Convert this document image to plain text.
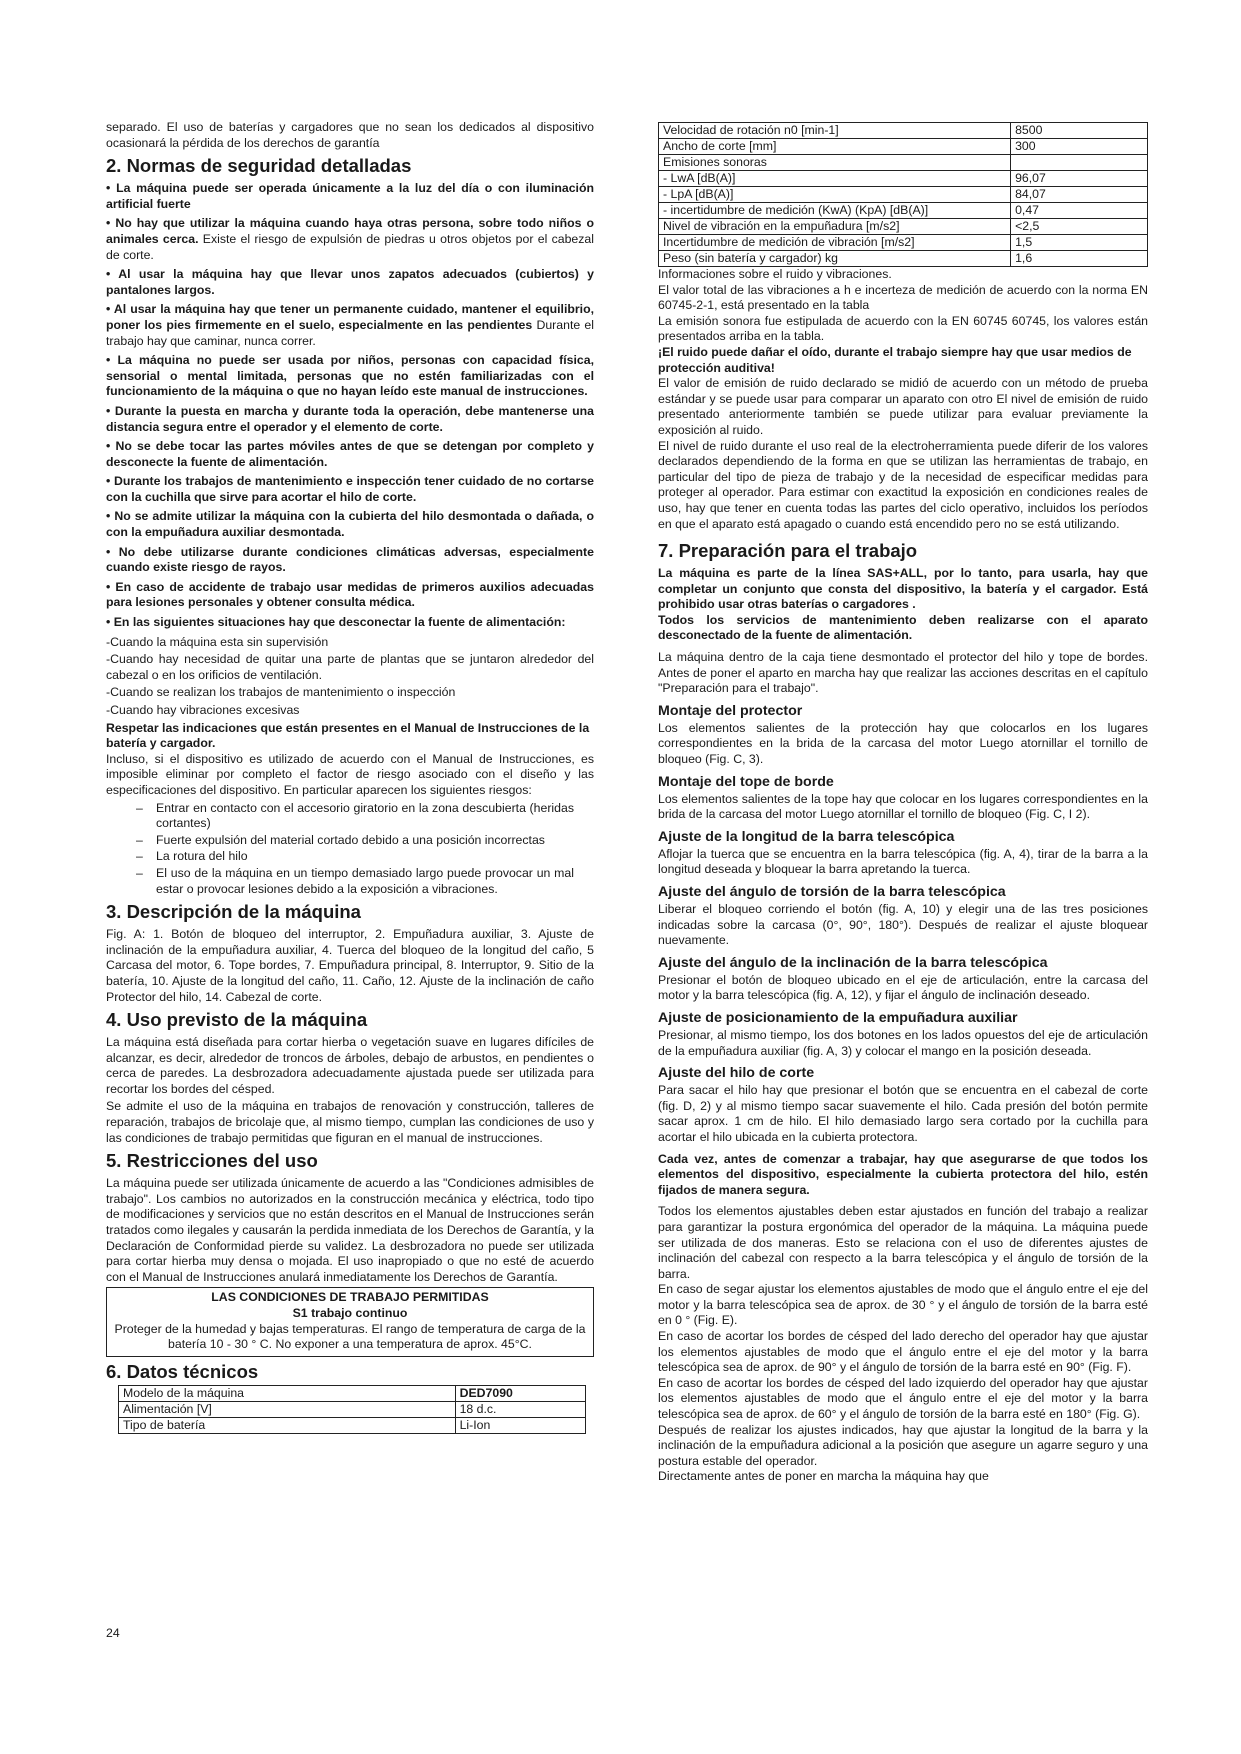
separado. El uso de baterías y cargadores que no sean los dedicados al dispositivo ocasionará la pérdida de los derechos de garantía

2. Normas de seguridad detalladas

• La máquina puede ser operada únicamente a la luz del día o con iluminación artificial fuerte

• No hay que utilizar la máquina cuando haya otras persona, sobre todo niños o animales cerca. Existe el riesgo de expulsión de piedras u otros objetos por el cabezal de corte.

• Al usar la máquina hay que llevar unos zapatos adecuados (cubiertos) y pantalones largos.

• Al usar la máquina hay que tener un permanente cuidado, mantener el equilibrio, poner los pies firmemente en el suelo, especialmente en las pendientes Durante el trabajo hay que caminar, nunca correr.

• La máquina no puede ser usada por niños, personas con capacidad física, sensorial o mental limitada, personas que no estén familiarizadas con el funcionamiento de la máquina o que no hayan leído este manual de instrucciones.

• Durante la puesta en marcha y durante toda la operación, debe mantenerse una distancia segura entre el operador y el elemento de corte.

• No se debe tocar las partes móviles antes de que se detengan por completo y desconecte la fuente de alimentación.

• Durante los trabajos de mantenimiento e inspección tener cuidado de no cortarse con la cuchilla que sirve para acortar el hilo de corte.

• No se admite utilizar la máquina con la cubierta del hilo desmontada o dañada, o con la empuñadura auxiliar desmontada.

• No debe utilizarse durante condiciones climáticas adversas, especialmente cuando existe riesgo de rayos.

• En caso de accidente de trabajo usar medidas de primeros auxilios adecuadas para lesiones personales y obtener consulta médica.

• En las siguientes situaciones hay que desconectar la fuente de alimentación:

-Cuando la máquina esta sin supervisión

-Cuando hay necesidad de quitar una parte de plantas que se juntaron alrededor del cabezal o en los orificios de ventilación.

-Cuando se realizan los trabajos de mantenimiento o inspección

-Cuando hay vibraciones excesivas

Respetar las indicaciones que están presentes en el Manual de Instrucciones de la batería y cargador.

Incluso, si el dispositivo es utilizado de acuerdo con el Manual de Instrucciones, es imposible eliminar por completo el factor de riesgo asociado con el diseño y las especificaciones del dispositivo. En particular aparecen los siguientes riesgos:

–	Entrar en contacto con el accesorio giratorio en la zona descubierta (heridas cortantes)
–	Fuerte expulsión del material cortado debido a una posición incorrectas
–	La rotura del hilo
–	El uso de la máquina en un tiempo demasiado largo puede provocar un mal estar o provocar lesiones debido a la exposición a vibraciones.
3. Descripción de la máquina

Fig. A: 1. Botón de bloqueo del interruptor, 2. Empuñadura auxiliar, 3. Ajuste de inclinación de la empuñadura auxiliar, 4. Tuerca del bloqueo de la longitud del caño, 5 Carcasa del motor, 6. Tope bordes, 7. Empuñadura principal, 8. Interruptor, 9. Sitio de la batería, 10. Ajuste de la longitud del caño, 11. Caño, 12. Ajuste de la inclinación de caño Protector del hilo, 14. Cabezal de corte.

4. Uso previsto de la máquina

La máquina está diseñada para cortar hierba o vegetación suave en lugares difíciles de alcanzar, es decir, alrededor de troncos de árboles, debajo de arbustos, en pendientes o cerca de paredes. La desbrozadora adecuadamente ajustada puede ser utilizada para recortar los bordes del césped.

Se admite el uso de la máquina en trabajos de renovación y construcción, talleres de reparación, trabajos de bricolaje que, al mismo tiempo, cumplan las condiciones de uso y las condiciones de trabajo permitidas que figuran en el manual de instrucciones.

5. Restricciones del uso

La máquina puede ser utilizada únicamente de acuerdo a las "Condiciones admisibles de trabajo". Los cambios no autorizados en la construcción mecánica y eléctrica, todo tipo de modificaciones y servicios que no están descritos en el Manual de Instrucciones serán tratados como ilegales y causarán la perdida inmediata de los Derechos de Garantía, y la Declaración de Conformidad pierde su validez. La desbrozadora no puede ser utilizada para cortar hierba muy densa o mojada. El uso inapropiado o que no esté de acuerdo con el Manual de Instrucciones anulará inmediatamente los Derechos de Garantía.

LAS CONDICIONES DE TRABAJO PERMITIDAS
S1 trabajo continuo
Proteger de la humedad y bajas temperaturas. El rango de temperatura de carga de la batería 10 - 30 ° C. No exponer a una temperatura de aprox. 45°C.
6. Datos técnicos
Modelo de la máquina	DED7090
Alimentación [V]	18 d.c.
Tipo de batería	Li-Ion
Velocidad de rotación n0 [min-1]	8500
Ancho de corte [mm]	300
Emisiones sonoras	
- LwA [dB(A)]	96,07
- LpA [dB(A)]	84,07
- incertidumbre de medición (KwA) (KpA) [dB(A)]	0,47
Nivel de vibración en la empuñadura [m/s2]	<2,5
Incertidumbre de medición de vibración [m/s2]	1,5
Peso (sin batería y cargador) kg	1,6

Informaciones sobre el ruido y vibraciones.

El valor total de las vibraciones a h e incerteza de medición de acuerdo con la norma EN 60745-2-1, está presentado en la tabla

La emisión sonora fue estipulada de acuerdo con la EN 60745 60745, los valores están presentados arriba en la tabla.

¡El ruido puede dañar el oído, durante el trabajo siempre hay que usar medios de protección auditiva!

El valor de emisión de ruido declarado se midió de acuerdo con un método de prueba estándar y se puede usar para comparar un aparato con otro El nivel de emisión de ruido presentado anteriormente también se puede utilizar para evaluar previamente la exposición al ruido.

El nivel de ruido durante el uso real de la electroherramienta puede diferir de los valores declarados dependiendo de la forma en que se utilizan las herramientas de trabajo, en particular del tipo de pieza de trabajo y de la necesidad de especificar medidas para proteger al operador. Para estimar con exactitud la exposición en condiciones reales de uso, hay que tener en cuenta todas las partes del ciclo operativo, incluidos los períodos en que el aparato está apagado o cuando está encendido pero no se está utilizando.

7. Preparación para el trabajo

La máquina es parte de la línea SAS+ALL, por lo tanto, para usarla, hay que completar un conjunto que consta del dispositivo, la batería y el cargador. Está prohibido usar otras baterías o cargadores .

Todos los servicios de mantenimiento deben realizarse con el aparato desconectado de la fuente de alimentación.

La máquina dentro de la caja tiene desmontado el protector del hilo y tope de bordes. Antes de poner el aparto en marcha hay que realizar las acciones descritas en el capítulo "Preparación para el trabajo".

Montaje del protector

Los elementos salientes de la protección hay que colocarlos en los lugares correspondientes en la brida de la carcasa del motor Luego atornillar el tornillo de bloqueo (Fig. C, 3).

Montaje del tope de borde

Los elementos salientes de la tope hay que colocar en los lugares correspondientes en la brida de la carcasa del motor Luego atornillar el tornillo de bloqueo (Fig. C, I 2).

Ajuste de la longitud de la barra telescópica

Aflojar la tuerca que se encuentra en la barra telescópica (fig. A, 4), tirar de la barra a la longitud deseada y bloquear la barra apretando la tuerca.

Ajuste del ángulo de torsión de la barra telescópica

Liberar el bloqueo corriendo el botón (fig. A, 10) y elegir una de las tres posiciones indicadas sobre la carcasa (0°, 90°, 180°). Después de realizar el ajuste bloquear nuevamente.

Ajuste del ángulo de la inclinación de la barra telescópica

Presionar el botón de bloqueo ubicado en el eje de articulación, entre la carcasa del motor y la barra telescópica (fig. A, 12), y fijar el ángulo de inclinación deseado.

Ajuste de posicionamiento de la empuñadura auxiliar

Presionar, al mismo tiempo, los dos botones en los lados opuestos del eje de articulación de la empuñadura auxiliar (fig. A, 3) y colocar el mango en la posición deseada.

Ajuste del hilo de corte

Para sacar el hilo hay que presionar el botón que se encuentra en el cabezal de corte (fig. D, 2) y al mismo tiempo sacar suavemente el hilo. Cada presión del botón permite sacar aprox. 1 cm de hilo. El hilo demasiado largo sera cortado por la cuchilla para acortar el hilo ubicada en la cubierta protectora.

Cada vez, antes de comenzar a trabajar, hay que asegurarse de que todos los elementos del dispositivo, especialmente la cubierta protectora del hilo, estén fijados de manera segura.

Todos los elementos ajustables deben estar ajustados en función del trabajo a realizar para garantizar la postura ergonómica del operador de la máquina. La máquina puede ser utilizada de dos maneras. Esto se relaciona con el uso de diferentes ajustes de inclinación del cabezal con respecto a la barra telescópica y el ángulo de torsión de la barra.

En caso de segar ajustar los elementos ajustables de modo que el ángulo entre el eje del motor y la barra telescópica sea de aprox. de 30 ° y el ángulo de torsión de la barra esté en 0 ° (Fig. E).

En caso de acortar los bordes de césped del lado derecho del operador hay que ajustar los elementos ajustables de modo que el ángulo entre el eje del motor y la barra telescópica sea de aprox. de 90° y el ángulo de torsión de la barra esté en 90° (Fig. F).

En caso de acortar los bordes de césped del lado izquierdo del operador hay que ajustar los elementos ajustables de modo que el ángulo entre el eje del motor y la barra telescópica sea de aprox. de 60° y el ángulo de torsión de la barra esté en 180° (Fig. G).

Después de realizar los ajustes indicados, hay que ajustar la longitud de la barra y la inclinación de la empuñadura adicional a la posición que asegure un agarre seguro y una postura estable del operador.

Directamente antes de poner en marcha la máquina hay que

24
